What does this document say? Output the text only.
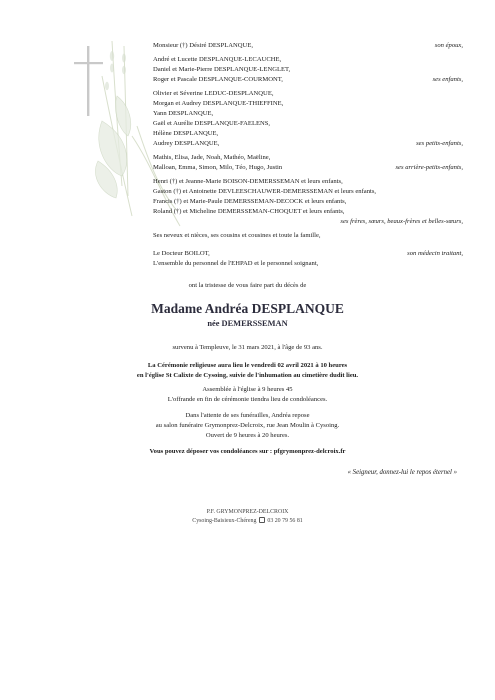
Monsieur (†) Désiré DESPLANQUE,	son époux,
André et Lucette DESPLANQUE-LECAUCHE,
Daniel et Marie-Pierre DESPLANQUE-LENGLET,
Roger et Pascale DESPLANQUE-COURMONT,	ses enfants,
Olivier et Séverine LEDUC-DESPLANQUE,
Morgan et Audrey DESPLANQUE-THIEFFINE,
Yann DESPLANQUE,
Gaël et Aurélie DESPLANQUE-FAELENS,
Hélène DESPLANQUE,
Audrey DESPLANQUE,	ses petits-enfants,
Mathis, Elisa, Jade, Noah, Mathéo, Maëline,
Malloan, Emma, Simon, Milo, Téo, Hugo, Justin	ses arrière-petits-enfants,
Henri (†) et Jeanne-Marie BOISON-DEMERSSEMAN et leurs enfants,
Gaston (†) et Antoinette DEVLEESCHAUWER-DEMERSSEMAN et leurs enfants,
Francis (†) et Marie-Paule DEMERSSEMAN-DECOCK et leurs enfants,
Roland (†) et Micheline DEMERSSEMAN-CHOQUET et leurs enfants,
ses frères, sœurs, beaux-frères et belles-sœurs,
Ses neveux et nièces, ses cousins et cousines et toute la famille,
Le Docteur BOILOT,	son médecin traitant,
L'ensemble du personnel de l'EHPAD et le personnel soignant,
ont la tristesse de vous faire part du décès de
Madame Andréa DESPLANQUE
née DEMERSSEMAN
survenu à Templeuve, le 31 mars 2021, à l'âge de 93 ans.
La Cérémonie religieuse aura lieu le vendredi 02 avril 2021 à 10 heures
en l'église St Calixte de Cysoing, suivie de l'inhumation au cimetière dudit lieu.
Assemblée à l'église à 9 heures 45
L'offrande en fin de cérémonie tiendra lieu de condoléances.
Dans l'attente de ses funérailles, Andréa repose
au salon funéraire Grymonprez-Delcroix, rue Jean Moulin à Cysoing.
Ouvert de 9 heures à 20 heures.
Vous pouvez déposer vos condoléances sur : pfgrymonprez-delcroix.fr
« Seigneur, donnez-lui le repos éternel »
P.F. GRYMONPREZ-DELCROIX
Cysoing-Baisieux-Chéreng 03 20 79 56 81
